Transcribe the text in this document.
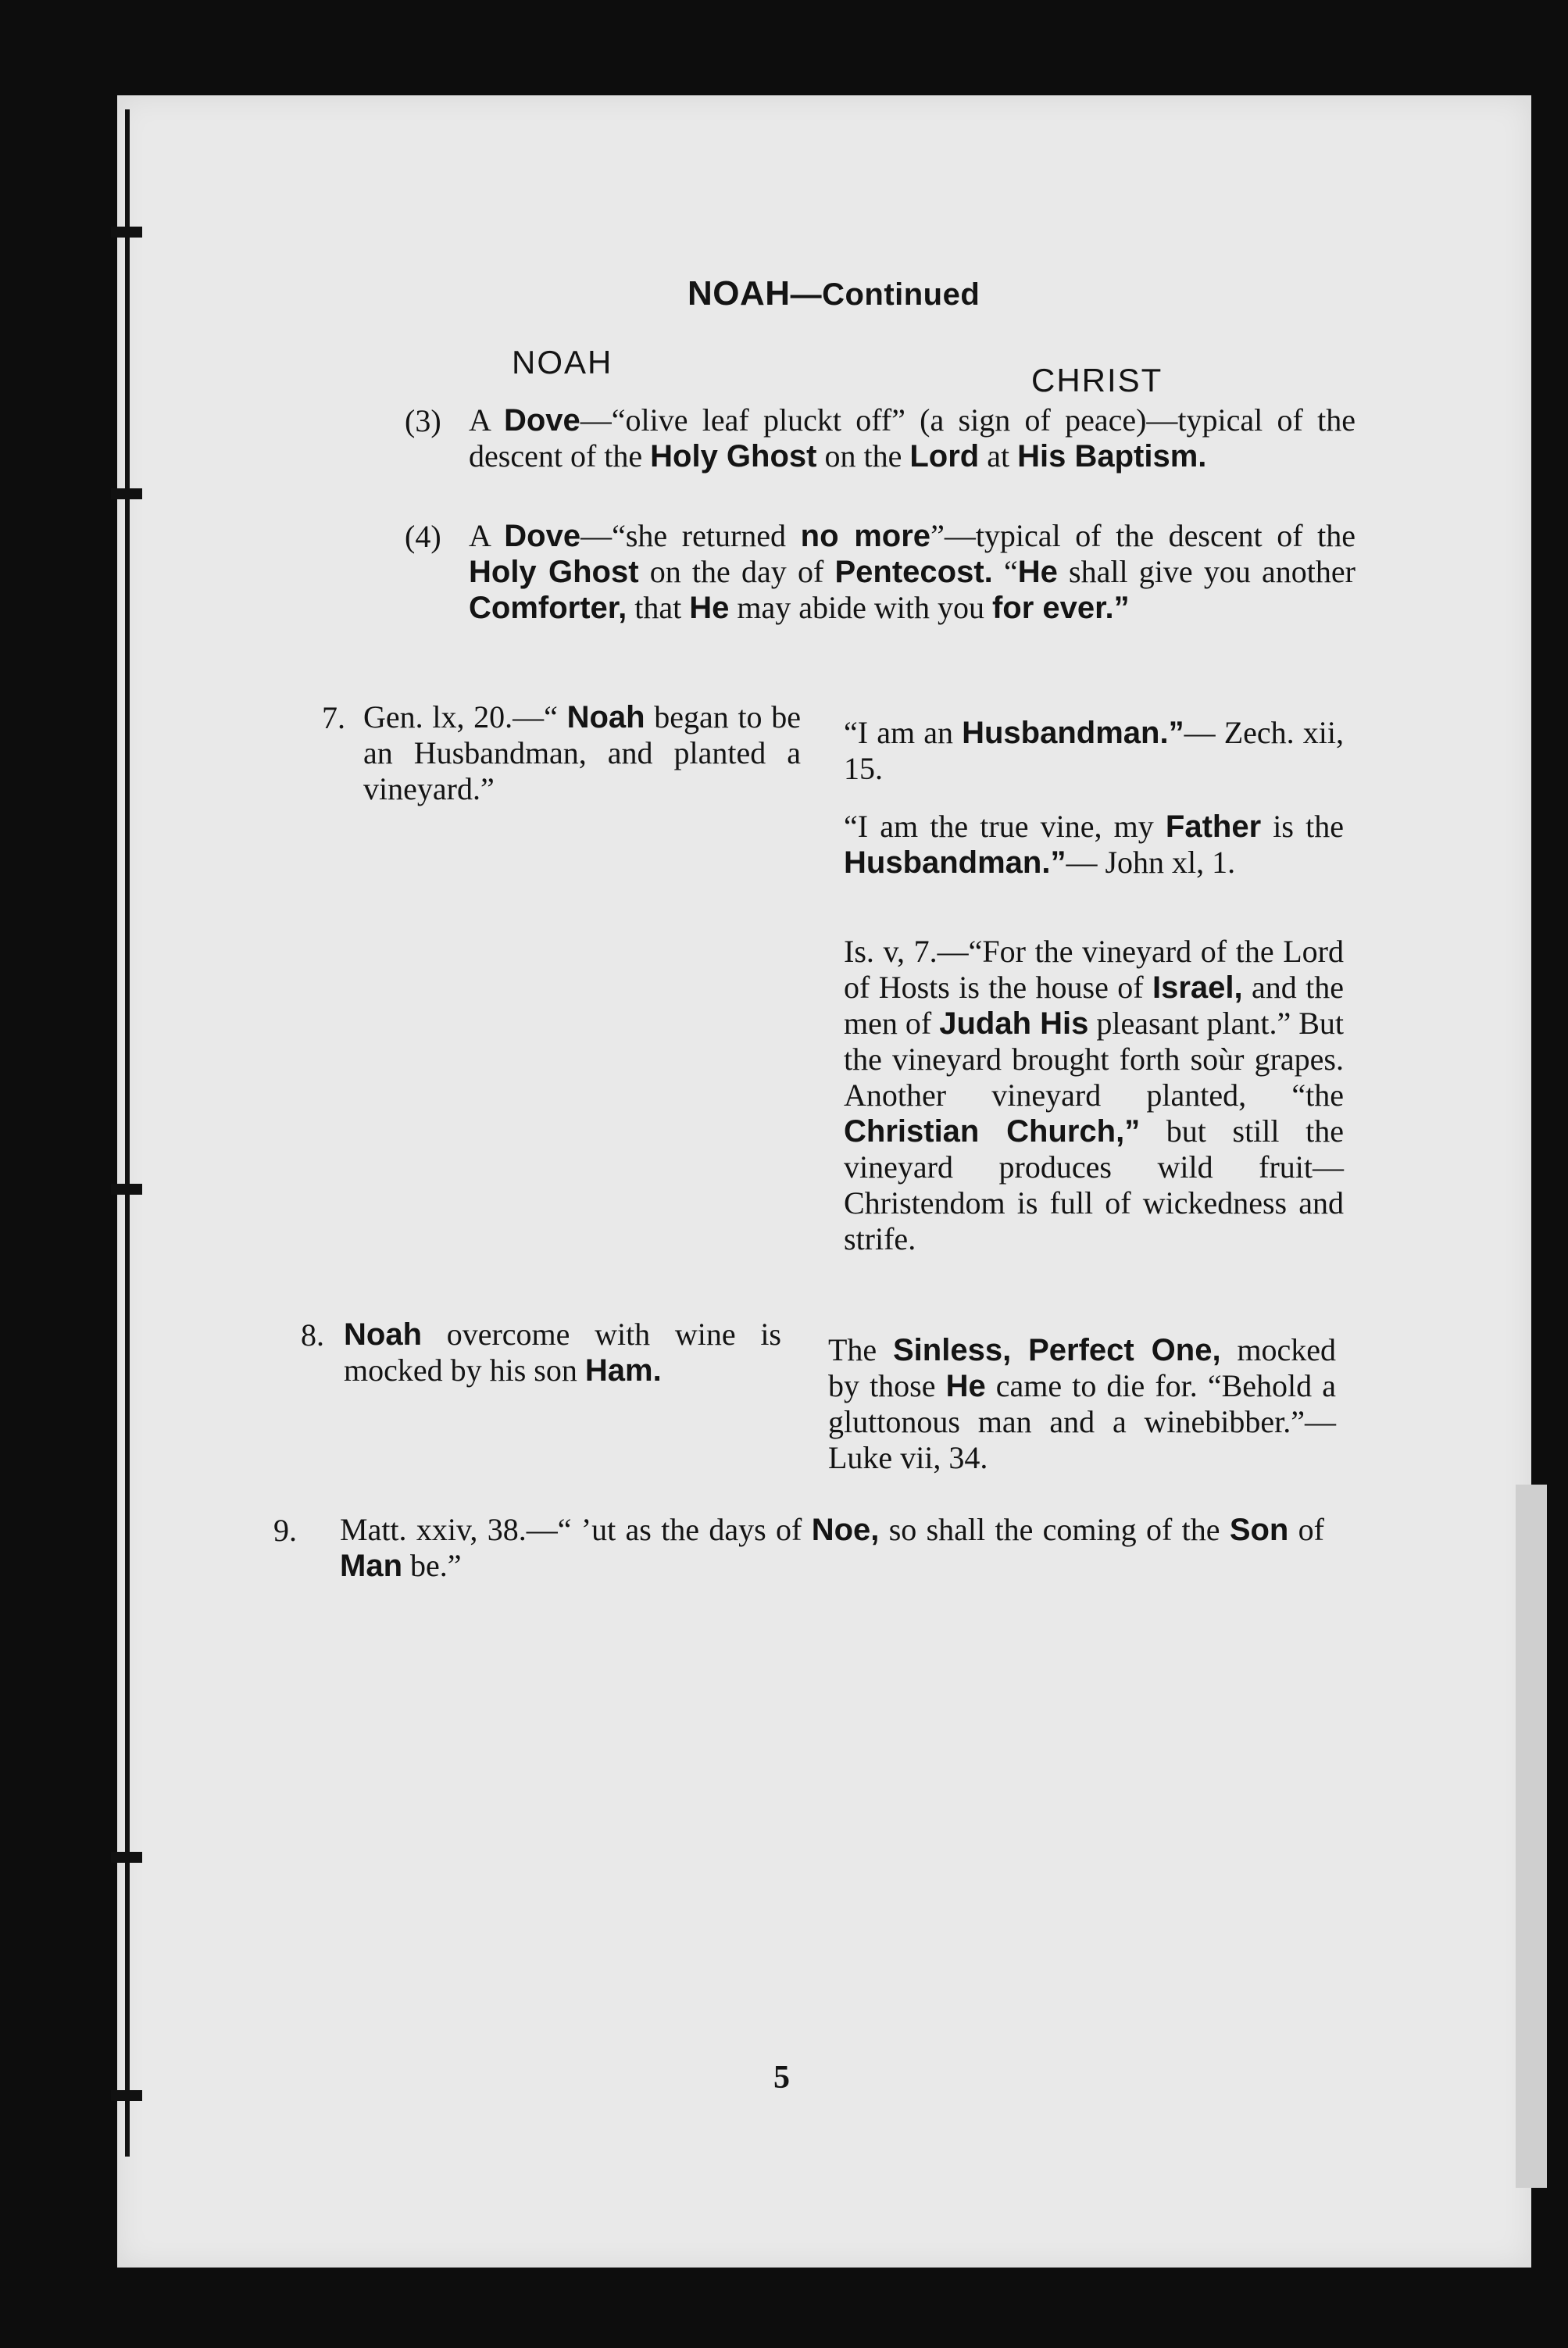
NOAH—Continued
NOAH	CHRIST
(3) A Dove—“olive leaf pluckt off” (a sign of peace)—typical of the descent of the Holy Ghost on the Lord at His Baptism.
(4) A Dove—“she returned no more”—typical of the descent of the Holy Ghost on the day of Pentecost. “He shall give you another Comforter, that He may abide with you for ever.”
7. Gen. lx, 20.—“ Noah began to be an Husbandman, and planted a vineyard.”
“I am an Husbandman.”— Zech. xii, 15.
“I am the true vine, my Father is the Husbandman.”— John xl, 1.
Is. v, 7.—“For the vineyard of the Lord of Hosts is the house of Israel, and the men of Judah His pleasant plant.” But the vineyard brought forth soùr grapes. Another vineyard planted, “the Christian Church,” but still the vineyard produces wild fruit—Christendom is full of wickedness and strife.
8. Noah overcome with wine is mocked by his son Ham.
The Sinless, Perfect One, mocked by those He came to die for. “Behold a gluttonous man and a winebibber.”—Luke vii, 34.
9. Matt. xxiv, 38.—“ ’ut as the days of Noe, so shall the coming of the Son of Man be.”
5
